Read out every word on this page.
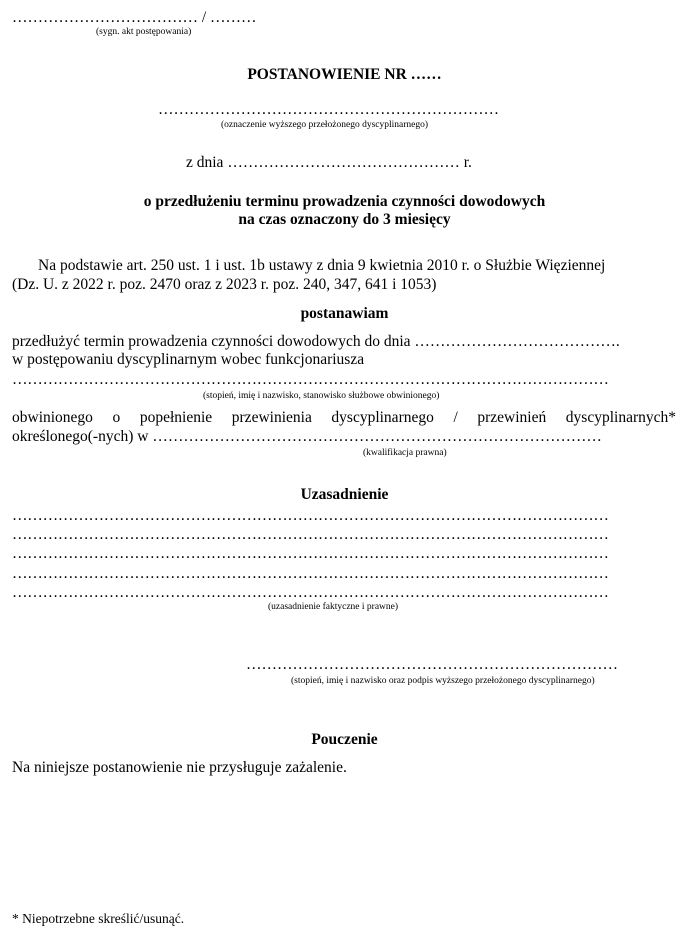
……………………………… / ………
(sygn. akt postępowania)
POSTANOWIENIE NR ……
…………………………………………………………
(oznaczenie wyższego przełożonego dyscyplinarnego)
z dnia ……………………………………… r.
o przedłużeniu terminu prowadzenia czynności dowodowych
na czas oznaczony do 3 miesięcy
Na podstawie art. 250 ust. 1 i ust. 1b ustawy z dnia 9 kwietnia 2010 r. o Służbie Więziennej
(Dz. U. z 2022 r. poz. 2470 oraz z 2023 r. poz. 240, 347, 641 i 1053)
postanawiam
przedłużyć termin prowadzenia czynności dowodowych do dnia ………………………………….
w postępowaniu dyscyplinarnym wobec funkcjonariusza
………………………………………………………………………………………………………
(stopień, imię i nazwisko, stanowisko służbowe obwinionego)
obwinionego o popełnienie przewinienia dyscyplinarnego / przewinień dyscyplinarnych*
określonego(-nych) w ……………………………………………………………………………
(kwalifikacja prawna)
Uzasadnienie
………………………………………………………………………………………………………
………………………………………………………………………………………………………
………………………………………………………………………………………………………
………………………………………………………………………………………………………
………………………………………………………………………………………………………
(uzasadnienie faktyczne i prawne)
………………………………………………………………
(stopień, imię i nazwisko oraz podpis wyższego przełożonego dyscyplinarnego)
Pouczenie
Na niniejsze postanowienie nie przysługuje zażalenie.
* Niepotrzebne skreślić/usunąć.
